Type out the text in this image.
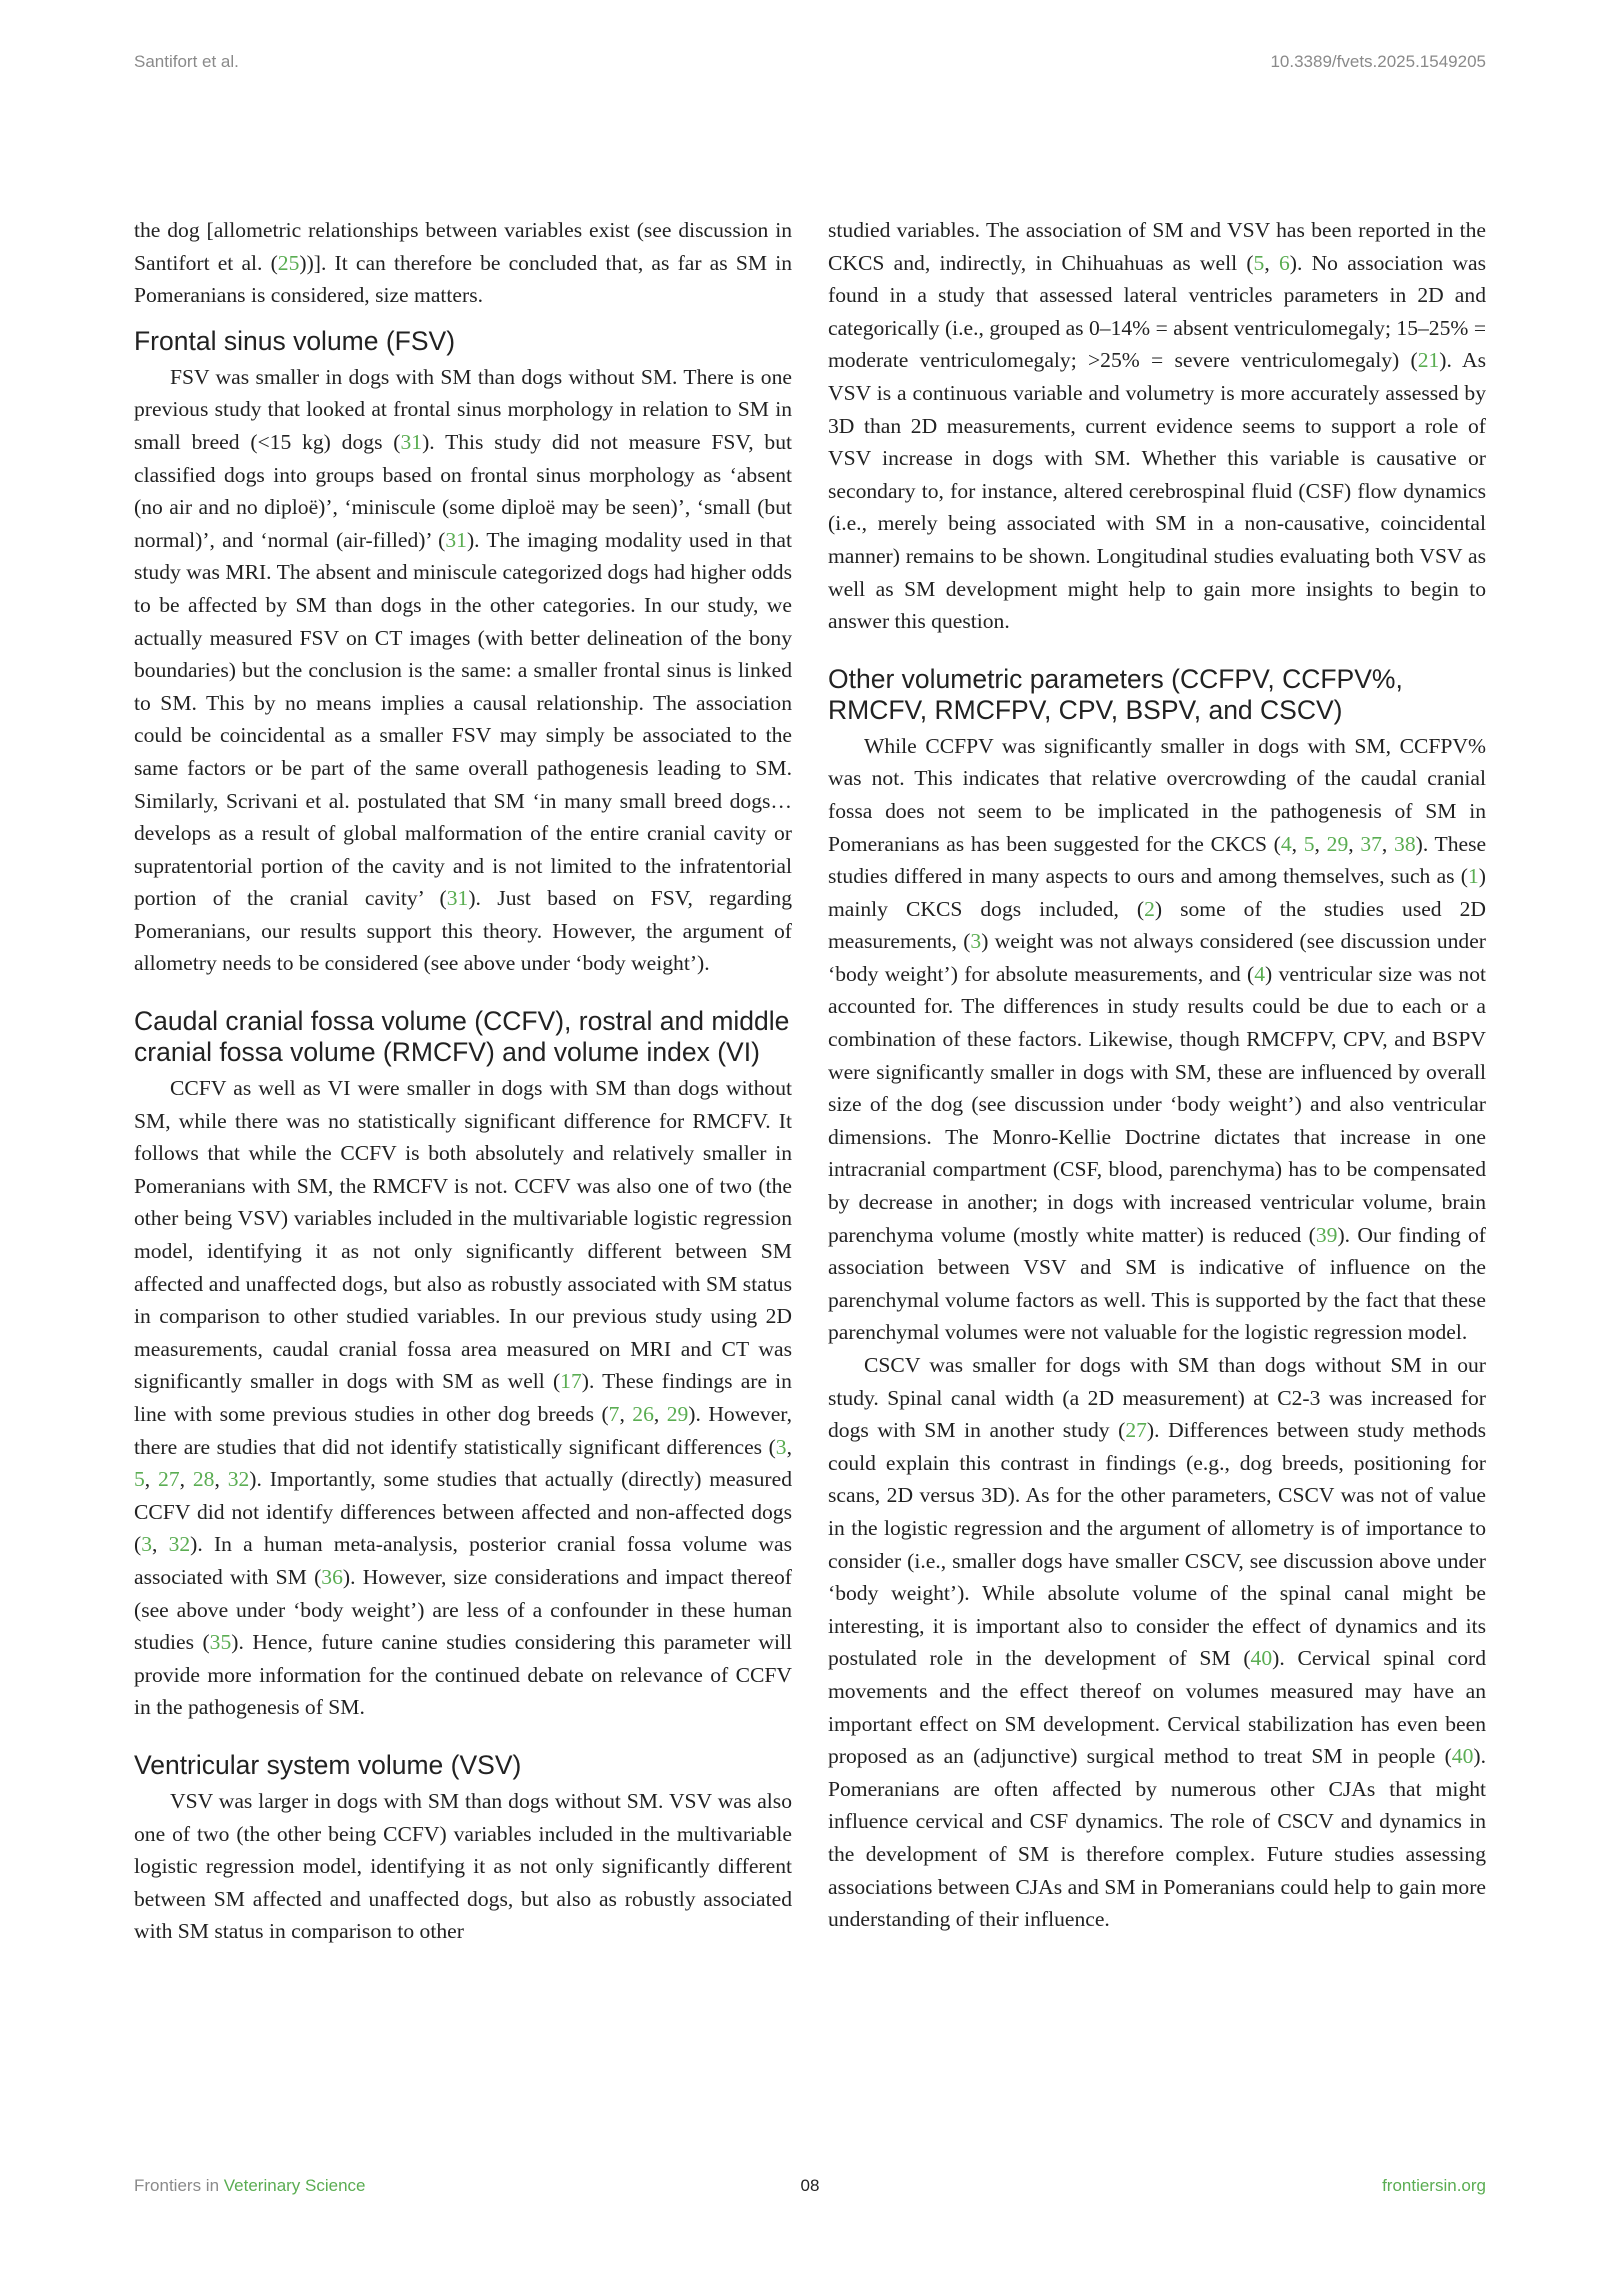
Santifort et al.	10.3389/fvets.2025.1549205

the dog [allometric relationships between variables exist (see discussion in Santifort et al. (25))]. It can therefore be concluded that, as far as SM in Pomeranians is considered, size matters.

Frontal sinus volume (FSV)

FSV was smaller in dogs with SM than dogs without SM. There is one previous study that looked at frontal sinus morphology in relation to SM in small breed (<15 kg) dogs (31). This study did not measure FSV, but classified dogs into groups based on frontal sinus morphology as ‘absent (no air and no diploë)’, ‘miniscule (some diploë may be seen)’, ‘small (but normal)’, and ‘normal (air-filled)’ (31). The imaging modality used in that study was MRI. The absent and miniscule categorized dogs had higher odds to be affected by SM than dogs in the other categories. In our study, we actually measured FSV on CT images (with better delineation of the bony boundaries) but the conclusion is the same: a smaller frontal sinus is linked to SM. This by no means implies a causal relationship. The association could be coincidental as a smaller FSV may simply be associated to the same factors or be part of the same overall pathogenesis leading to SM. Similarly, Scrivani et al. postulated that SM ‘in many small breed dogs…develops as a result of global malformation of the entire cranial cavity or supratentorial portion of the cavity and is not limited to the infratentorial portion of the cranial cavity’ (31). Just based on FSV, regarding Pomeranians, our results support this theory. However, the argument of allometry needs to be considered (see above under ‘body weight’).

Caudal cranial fossa volume (CCFV), rostral and middle cranial fossa volume (RMCFV) and volume index (VI)

CCFV as well as VI were smaller in dogs with SM than dogs without SM, while there was no statistically significant difference for RMCFV. It follows that while the CCFV is both absolutely and relatively smaller in Pomeranians with SM, the RMCFV is not. CCFV was also one of two (the other being VSV) variables included in the multivariable logistic regression model, identifying it as not only significantly different between SM affected and unaffected dogs, but also as robustly associated with SM status in comparison to other studied variables. In our previous study using 2D measurements, caudal cranial fossa area measured on MRI and CT was significantly smaller in dogs with SM as well (17). These findings are in line with some previous studies in other dog breeds (7, 26, 29). However, there are studies that did not identify statistically significant differences (3, 5, 27, 28, 32). Importantly, some studies that actually (directly) measured CCFV did not identify differences between affected and non-affected dogs (3, 32). In a human meta-analysis, posterior cranial fossa volume was associated with SM (36). However, size considerations and impact thereof (see above under ‘body weight’) are less of a confounder in these human studies (35). Hence, future canine studies considering this parameter will provide more information for the continued debate on relevance of CCFV in the pathogenesis of SM.

Ventricular system volume (VSV)

VSV was larger in dogs with SM than dogs without SM. VSV was also one of two (the other being CCFV) variables included in the multivariable logistic regression model, identifying it as not only significantly different between SM affected and unaffected dogs, but also as robustly associated with SM status in comparison to other

studied variables. The association of SM and VSV has been reported in the CKCS and, indirectly, in Chihuahuas as well (5, 6). No association was found in a study that assessed lateral ventricles parameters in 2D and categorically (i.e., grouped as 0–14% = absent ventriculomegaly; 15–25% = moderate ventriculomegaly; >25% = severe ventriculomegaly) (21). As VSV is a continuous variable and volumetry is more accurately assessed by 3D than 2D measurements, current evidence seems to support a role of VSV increase in dogs with SM. Whether this variable is causative or secondary to, for instance, altered cerebrospinal fluid (CSF) flow dynamics (i.e., merely being associated with SM in a non-causative, coincidental manner) remains to be shown. Longitudinal studies evaluating both VSV as well as SM development might help to gain more insights to begin to answer this question.

Other volumetric parameters (CCFPV, CCFPV%, RMCFV, RMCFPV, CPV, BSPV, and CSCV)

While CCFPV was significantly smaller in dogs with SM, CCFPV% was not. This indicates that relative overcrowding of the caudal cranial fossa does not seem to be implicated in the pathogenesis of SM in Pomeranians as has been suggested for the CKCS (4, 5, 29, 37, 38). These studies differed in many aspects to ours and among themselves, such as (1) mainly CKCS dogs included, (2) some of the studies used 2D measurements, (3) weight was not always considered (see discussion under ‘body weight’) for absolute measurements, and (4) ventricular size was not accounted for. The differences in study results could be due to each or a combination of these factors. Likewise, though RMCFPV, CPV, and BSPV were significantly smaller in dogs with SM, these are influenced by overall size of the dog (see discussion under ‘body weight’) and also ventricular dimensions. The Monro-Kellie Doctrine dictates that increase in one intracranial compartment (CSF, blood, parenchyma) has to be compensated by decrease in another; in dogs with increased ventricular volume, brain parenchyma volume (mostly white matter) is reduced (39). Our finding of association between VSV and SM is indicative of influence on the parenchymal volume factors as well. This is supported by the fact that these parenchymal volumes were not valuable for the logistic regression model.

CSCV was smaller for dogs with SM than dogs without SM in our study. Spinal canal width (a 2D measurement) at C2-3 was increased for dogs with SM in another study (27). Differences between study methods could explain this contrast in findings (e.g., dog breeds, positioning for scans, 2D versus 3D). As for the other parameters, CSCV was not of value in the logistic regression and the argument of allometry is of importance to consider (i.e., smaller dogs have smaller CSCV, see discussion above under ‘body weight’). While absolute volume of the spinal canal might be interesting, it is important also to consider the effect of dynamics and its postulated role in the development of SM (40). Cervical spinal cord movements and the effect thereof on volumes measured may have an important effect on SM development. Cervical stabilization has even been proposed as an (adjunctive) surgical method to treat SM in people (40). Pomeranians are often affected by numerous other CJAs that might influence cervical and CSF dynamics. The role of CSCV and dynamics in the development of SM is therefore complex. Future studies assessing associations between CJAs and SM in Pomeranians could help to gain more understanding of their influence.

Frontiers in Veterinary Science	08	frontiersin.org
